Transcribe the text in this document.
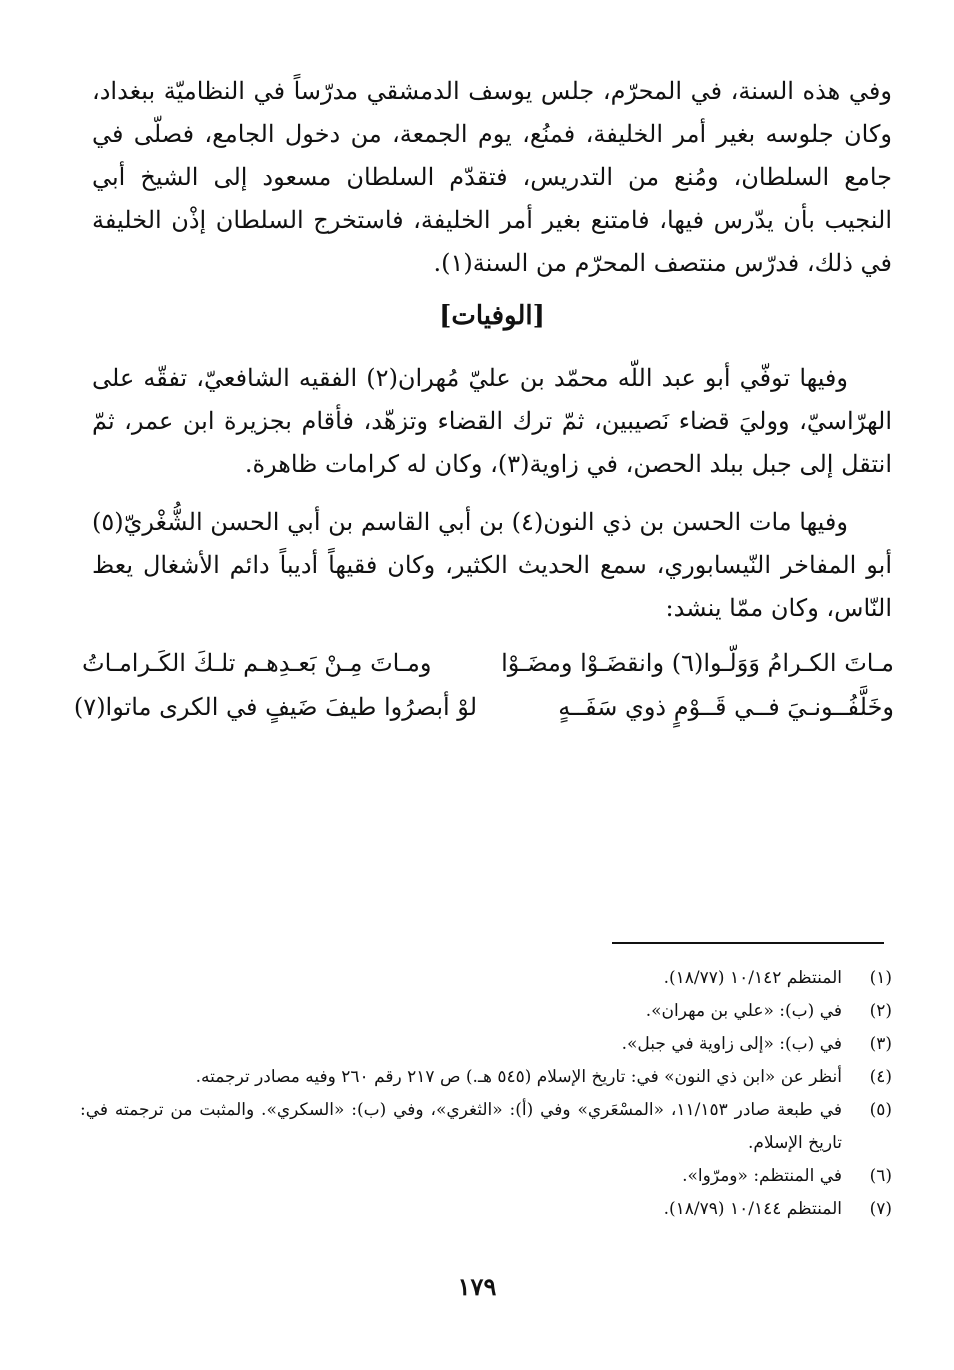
وفي هذه السنة، في المحرّم، جلس يوسف الدمشقي مدرّساً في النظاميّة ببغداد، وكان جلوسه بغير أمر الخليفة، فمنُع، يوم الجمعة، من دخول الجامع، فصلّى في جامع السلطان، ومُنع من التدريس، فتقدّم السلطان مسعود إلى الشيخ أبي النجيب بأن يدّرس فيها، فامتنع بغير أمر الخليفة، فاستخرج السلطان إذْن الخليفة في ذلك، فدرّس منتصف المحرّم من السنة(١).

[الوفيات]

وفيها توفّي أبو عبد اللّه محمّد بن عليّ مُهران(٢) الفقيه الشافعيّ، تفقّه على الهرّاسيّ، ووليَ قضاء نَصيبين، ثمّ ترك القضاء وتزهّد، فأقام بجزيرة ابن عمر، ثمّ انتقل إلى جبل ببلد الحصن، في زاوية(٣)، وكان له كرامات ظاهرة.

وفيها مات الحسن بن ذي النون(٤) بن أبي القاسم بن أبي الحسن الشُّغْريّ(٥) أبو المفاخر النّيسابوري، سمع الحديث الكثير، وكان فقيهاً أديباً دائم الأشغال يعظ النّاس، وكان ممّا ينشد:

مـاتَ الكـرامُ وَوَلّـوا(٦) وانقضَـوْا ومضَـوْا
ومـاتَ مِـنْ بَعـدِهـم تلـكَ الكَـرامـاتُ
وخَلَّفُــونـيَ فــي قَــوْمٍ ذوي سَفَــهٍ
لوْ أبصرُوا طيفَ ضَيفٍ في الكرى ماتوا(٧)
(١)
المنتظم ١٠/١٤٢ (١٨/٧٧).
(٢)
في (ب): «علي بن مهران».
(٣)
في (ب): «إلى زاوية في جبل».
(٤)
أنظر عن «ابن ذي النون» في: تاريخ الإسلام (٥٤٥ هـ.) ص ٢١٧ رقم ٢٦٠ وفيه مصادر ترجمته.
(٥)
في طبعة صادر ١١/١٥٣، «المسْعَري» وفي (أ): «الثغري»، وفي (ب): «السكري». والمثبت من ترجمته في: تاريخ الإسلام.
(٦)
في المنتظم: «ومرّوا».
(٧)
المنتظم ١٠/١٤٤ (١٨/٧٩).
١٧٩
